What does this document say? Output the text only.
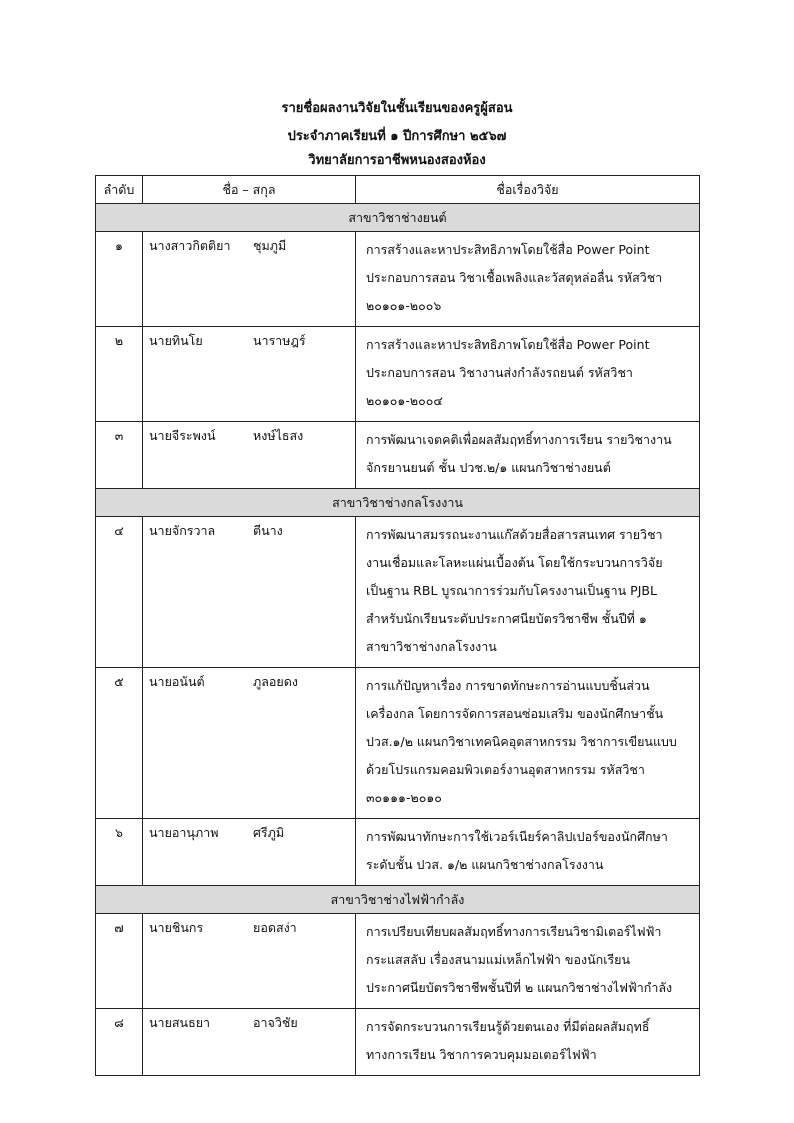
รายชื่อผลงานวิจัยในชั้นเรียนของครูผู้สอน
ประจำภาคเรียนที่ ๑ ปีการศึกษา ๒๕๖๗
วิทยาลัยการอาชีพหนองสองห้อง
ลำดับ	ชื่อ – สกุล	ชื่อเรื่องวิจัย
สาขาวิชาช่างยนต์		
๑	นางสาวกิตติยา ชุมภูมี	การสร้างและหาประสิทธิภาพโดยใช้สื่อ Power Point
ประกอบการสอน วิชาเชื้อเพลิงและวัสดุหล่อลื่น รหัสวิชา
๒๐๑๐๑-๒๐๐๖

๒	นายทินโย นาราษฎร์	การสร้างและหาประสิทธิภาพโดยใช้สื่อ Power Point
ประกอบการสอน วิชางานส่งกำลังรถยนต์ รหัสวิชา
๒๐๑๐๑-๒๐๐๔

๓	นายจีระพงน์ หงษ์ไธสง	การพัฒนาเจตคติเพื่อผลสัมฤทธิ์ทางการเรียน รายวิชางาน
จักรยานยนต์ ชั้น ปวช.๒/๑ แผนกวิชาช่างยนต์

สาขาวิชาช่างกลโรงงาน		
๔	นายจักรวาล ตีนาง	การพัฒนาสมรรถนะงานแก๊สด้วยสื่อสารสนเทศ รายวิชา
งานเชื่อมและโลหะแผ่นเบื้องต้น โดยใช้กระบวนการวิจัย
เป็นฐาน RBL บูรณาการร่วมกับโครงงานเป็นฐาน PJBL
สำหรับนักเรียนระดับประกาศนียบัตรวิชาชีพ ชั้นปีที่ ๑
สาขาวิชาช่างกลโรงงาน

๕	นายอนันต์ ภูลอยดง	การแก้ปัญหาเรื่อง การขาดทักษะการอ่านแบบชิ้นส่วน
เครื่องกล โดยการจัดการสอนซ่อมเสริม ของนักศึกษาชั้น
ปวส.๑/๒ แผนกวิชาเทคนิคอุตสาหกรรม วิชาการเขียนแบบ
ด้วยโปรแกรมคอมพิวเตอร์งานอุตสาหกรรม รหัสวิชา
๓๐๑๑๑-๒๐๑๐

๖	นายอานุภาพ ศรีภูมิ	การพัฒนาทักษะการใช้เวอร์เนียร์คาลิปเปอร์ของนักศึกษา
ระดับชั้น ปวส. ๑/๒ แผนกวิชาช่างกลโรงงาน

สาขาวิชาช่างไฟฟ้ากำลัง		
๗	นายชินกร ยอดสง่า	การเปรียบเทียบผลสัมฤทธิ์ทางการเรียนวิชามิเตอร์ไฟฟ้า
กระแสสลับ เรื่องสนามแม่เหล็กไฟฟ้า ของนักเรียน
ประกาศนียบัตรวิชาชีพชั้นปีที่ ๒ แผนกวิชาช่างไฟฟ้ากำลัง

๘	นายสนธยา อาจวิชัย	การจัดกระบวนการเรียนรู้ด้วยตนเอง ที่มีต่อผลสัมฤทธิ์
ทางการเรียน วิชาการควบคุมมอเตอร์ไฟฟ้า
